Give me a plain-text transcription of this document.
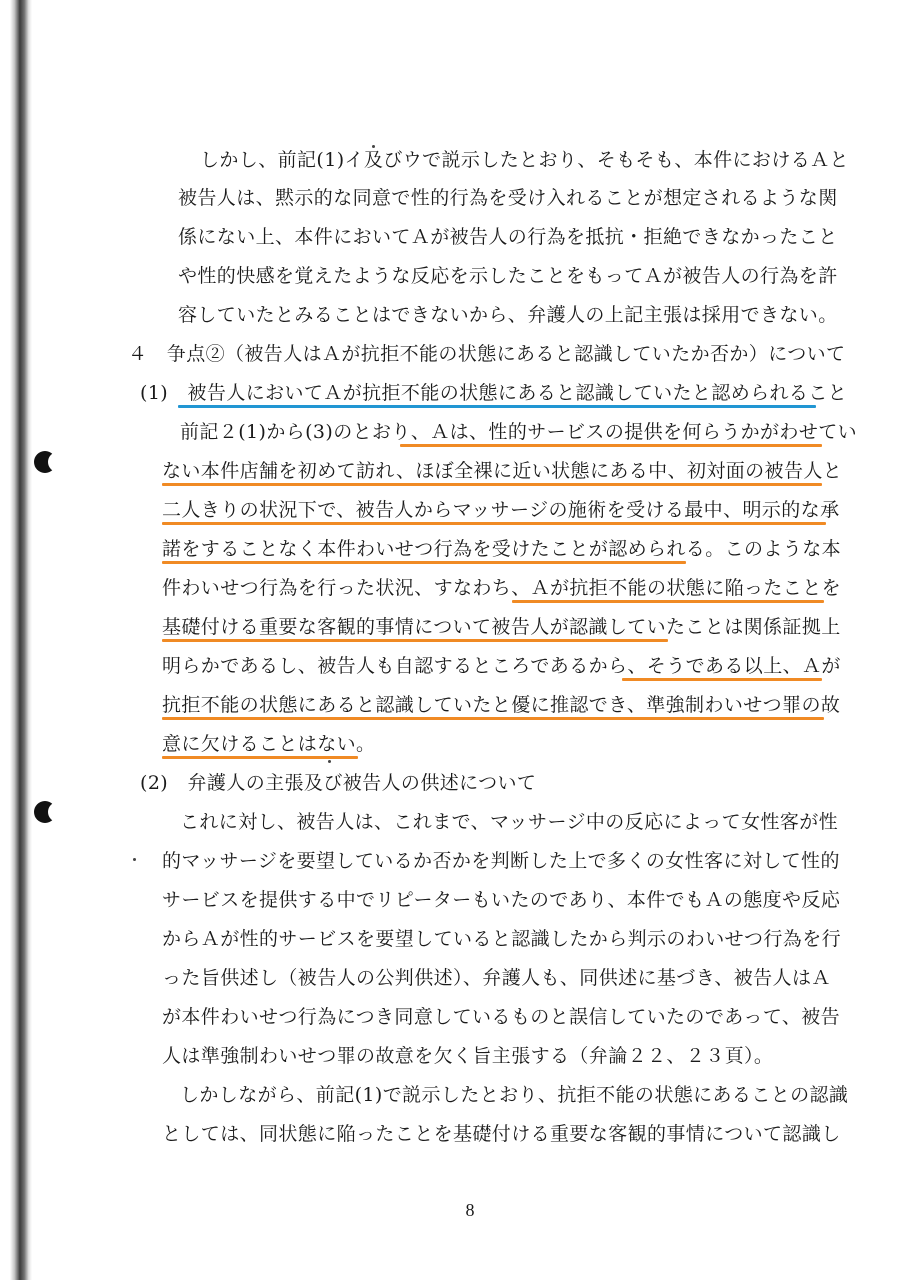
しかし、前記(1)イ及びウで説示したとおり、そもそも、本件におけるＡと
被告人は、黙示的な同意で性的行為を受け入れることが想定されるような関
係にない上、本件においてＡが被告人の行為を抵抗・拒絶できなかったこと
や性的快感を覚えたような反応を示したことをもってＡが被告人の行為を許
容していたとみることはできないから、弁護人の上記主張は採用できない。
４　争点②（被告人はＡが抗拒不能の状態にあると認識していたか否か）について
(1)　被告人においてＡが抗拒不能の状態にあると認識していたと認められること
前記２(1)から(3)のとおり、Ａは、性的サービスの提供を何らうかがわせてい
ない本件店舗を初めて訪れ、ほぼ全裸に近い状態にある中、初対面の被告人と
二人きりの状況下で、被告人からマッサージの施術を受ける最中、明示的な承
諾をすることなく本件わいせつ行為を受けたことが認められる。このような本
件わいせつ行為を行った状況、すなわち、Ａが抗拒不能の状態に陥ったことを
基礎付ける重要な客観的事情について被告人が認識していたことは関係証拠上
明らかであるし、被告人も自認するところであるから、そうである以上、Ａが
抗拒不能の状態にあると認識していたと優に推認でき、準強制わいせつ罪の故
意に欠けることはない。
(2)　弁護人の主張及び被告人の供述について
これに対し、被告人は、これまで、マッサージ中の反応によって女性客が性
的マッサージを要望しているか否かを判断した上で多くの女性客に対して性的
サービスを提供する中でリピーターもいたのであり、本件でもＡの態度や反応
からＡが性的サービスを要望していると認識したから判示のわいせつ行為を行
った旨供述し（被告人の公判供述）、弁護人も、同供述に基づき、被告人はＡ
が本件わいせつ行為につき同意しているものと誤信していたのであって、被告
人は準強制わいせつ罪の故意を欠く旨主張する（弁論２２、２３頁）。
しかしながら、前記(1)で説示したとおり、抗拒不能の状態にあることの認識
としては、同状態に陥ったことを基礎付ける重要な客観的事情について認識し
8
